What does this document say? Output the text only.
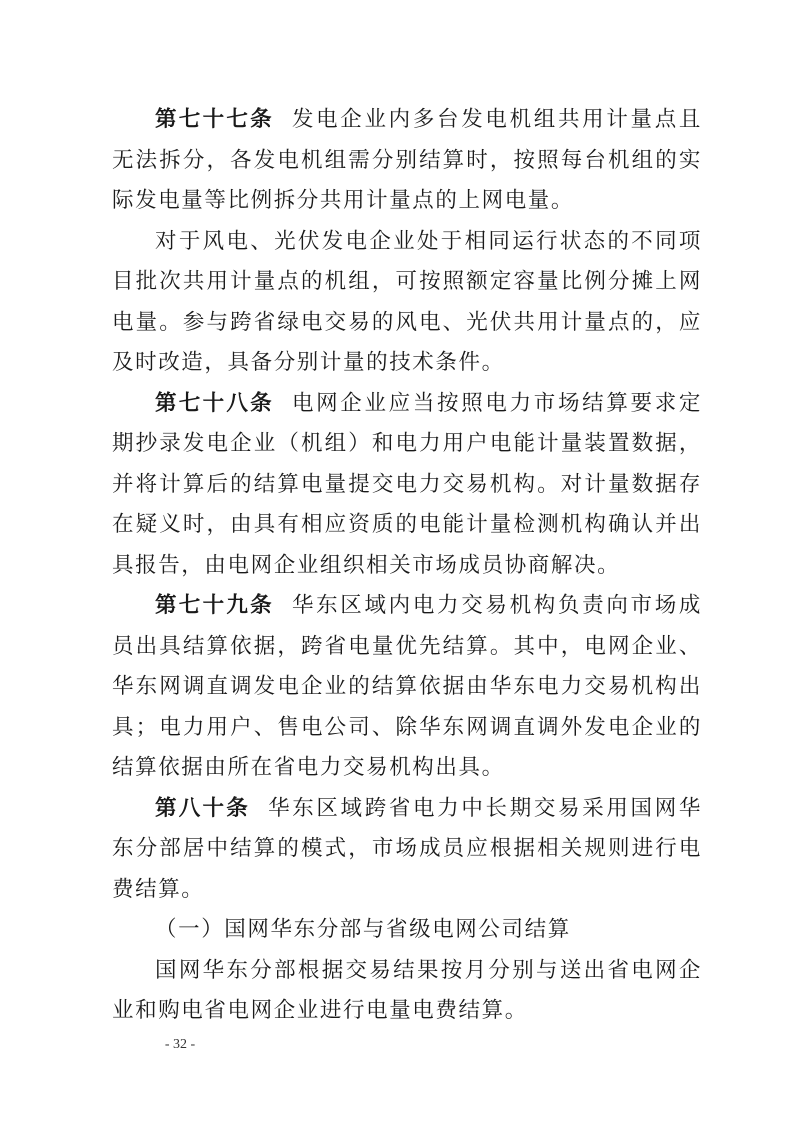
第七十七条 发电企业内多台发电机组共用计量点且无法拆分，各发电机组需分别结算时，按照每台机组的实际发电量等比例拆分共用计量点的上网电量。

对于风电、光伏发电企业处于相同运行状态的不同项目批次共用计量点的机组，可按照额定容量比例分摊上网电量。参与跨省绿电交易的风电、光伏共用计量点的，应及时改造，具备分别计量的技术条件。

第七十八条 电网企业应当按照电力市场结算要求定期抄录发电企业（机组）和电力用户电能计量装置数据，并将计算后的结算电量提交电力交易机构。对计量数据存在疑义时，由具有相应资质的电能计量检测机构确认并出具报告，由电网企业组织相关市场成员协商解决。

第七十九条 华东区域内电力交易机构负责向市场成员出具结算依据，跨省电量优先结算。其中，电网企业、华东网调直调发电企业的结算依据由华东电力交易机构出具；电力用户、售电公司、除华东网调直调外发电企业的结算依据由所在省电力交易机构出具。

第八十条 华东区域跨省电力中长期交易采用国网华东分部居中结算的模式，市场成员应根据相关规则进行电费结算。

（一）国网华东分部与省级电网公司结算

国网华东分部根据交易结果按月分别与送出省电网企业和购电省电网企业进行电量电费结算。

- 32 -
